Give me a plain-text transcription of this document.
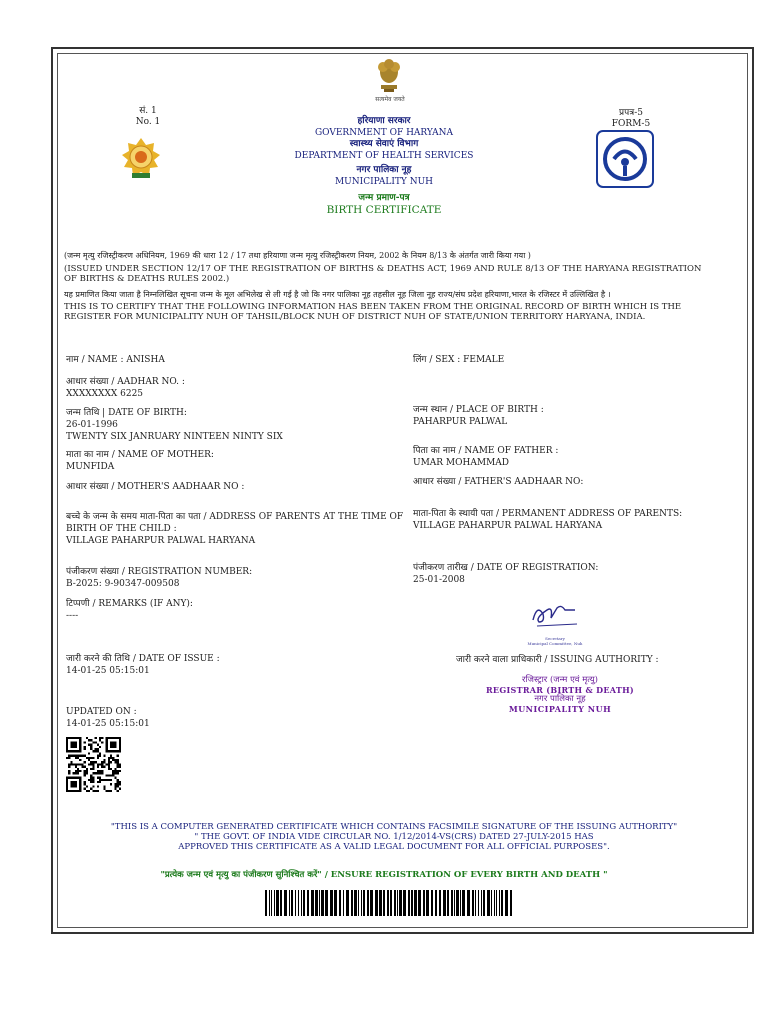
सत्यमेव जयते
सं. 1
No. 1
प्रपत्र-5
FORM-5
हरियाणा सरकार
GOVERNMENT OF HARYANA
स्वास्थ्य सेवाएं विभाग
DEPARTMENT OF HEALTH SERVICES
नगर पालिका नूह
MUNICIPALITY NUH
जन्म प्रमाण-पत्र
BIRTH CERTIFICATE
(जन्म मृत्यु रजिस्ट्रीकरण अधिनियम, 1969 की धारा 12 / 17 तथा हरियाणा जन्म मृत्यु रजिस्ट्रीकरण नियम, 2002 के नियम 8/13 के अंतर्गत जारी किया गया )
(ISSUED UNDER SECTION 12/17 OF THE REGISTRATION OF BIRTHS & DEATHS ACT, 1969 AND RULE 8/13 OF THE HARYANA REGISTRATION OF BIRTHS & DEATHS RULES 2002.)
यह प्रमाणित किया जाता है निम्नलिखित सूचना जन्म के मूल अभिलेख से ली गई है जो कि नगर पालिका नूह तहसील नूह जिला नूह राज्य/संघ प्रदेश हरियाणा,भारत के रजिस्टर में उल्लिखित है ।
THIS IS TO CERTIFY THAT THE FOLLOWING INFORMATION HAS BEEN TAKEN FROM THE ORIGINAL RECORD OF BIRTH WHICH IS THE REGISTER FOR MUNICIPALITY NUH OF TAHSIL/BLOCK NUH OF DISTRICT NUH OF STATE/UNION TERRITORY HARYANA, INDIA.
नाम / NAME : ANISHA
आधार संख्या / AADHAR NO. :
XXXXXXXX 6225
जन्म तिथि | DATE OF BIRTH:
26-01-1996
TWENTY SIX JANRUARY NINTEEN NINTY SIX
माता का नाम / NAME OF MOTHER:
MUNFIDA
आधार संख्या / MOTHER'S AADHAAR NO :
बच्चे के जन्म के समय माता-पिता का पता / ADDRESS OF PARENTS AT THE TIME OF
BIRTH OF THE CHILD :
VILLAGE PAHARPUR PALWAL HARYANA
पंजीकरण संख्या / REGISTRATION NUMBER:
B-2025: 9-90347-009508
टिप्पणी / REMARKS (IF ANY):
----
जारी करने की तिथि / DATE OF ISSUE :
14-01-25 05:15:01
UPDATED ON :
14-01-25 05:15:01
लिंग / SEX : FEMALE
जन्म स्थान / PLACE OF BIRTH :
PAHARPUR PALWAL
पिता का नाम / NAME OF FATHER :
UMAR MOHAMMAD
आधार संख्या / FATHER'S AADHAAR NO:
माता-पिता के स्थायी पता / PERMANENT ADDRESS OF PARENTS:
VILLAGE PAHARPUR PALWAL HARYANA
पंजीकरण तारीख / DATE OF REGISTRATION:
25-01-2008
Secretary
Municipal Committee, Nuh
जारी करने वाला प्राधिकारी / ISSUING AUTHORITY :
रजिस्ट्रार (जन्म एवं मृत्यु)
REGISTRAR (BIRTH & DEATH)
नगर पालिका नूह
MUNICIPALITY NUH
"THIS IS A COMPUTER GENERATED CERTIFICATE WHICH CONTAINS FACSIMILE SIGNATURE OF THE ISSUING AUTHORITY"
" THE GOVT. OF INDIA VIDE CIRCULAR NO. 1/12/2014-VS(CRS) DATED 27-JULY-2015 HAS
APPROVED THIS CERTIFICATE AS A VALID LEGAL DOCUMENT FOR ALL OFFICIAL PURPOSES".
"प्रत्येक जन्म एवं मृत्यु का पंजीकरण सुनिश्चित करें" / ENSURE REGISTRATION OF EVERY BIRTH AND DEATH "
